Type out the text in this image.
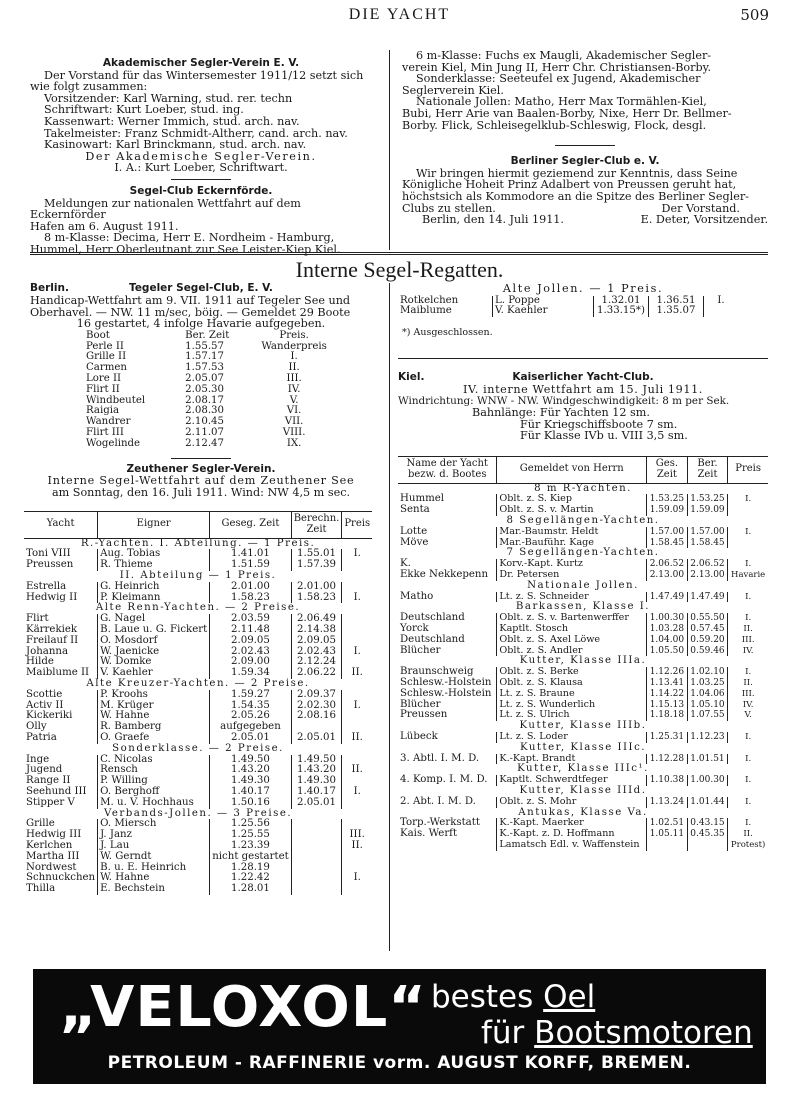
DIE YACHT	509

Akademischer Segler-Verein E. V.

Der Vorstand für das Wintersemester 1911/12 setzt sich

wie folgt zusammen:

Vorsitzender: Karl Warning, stud. rer. techn

Schriftwart: Kurt Loeber, stud. ing.

Kassenwart: Werner Immich, stud. arch. nav.

Takelmeister: Franz Schmidt-Altherr, cand. arch. nav.

Kasinowart: Karl Brinckmann, stud. arch. nav.

Der Akademische Segler-Verein.

I. A.: Kurt Loeber, Schriftwart.

Segel-Club Eckernförde.

Meldungen zur nationalen Wettfahrt auf dem Eckernförder

Hafen am 6. August 1911.

8 m-Klasse: Decima, Herr E. Nordheim - Hamburg,

Hummel, Herr Oberleutnant zur See Leister-Kiep Kiel.

6 m-Klasse: Fuchs ex Maugli, Akademischer Segler-

verein Kiel, Min Jung II, Herr Chr. Christiansen-Borby.

Sonderklasse: Seeteufel ex Jugend, Akademischer

Seglerverein Kiel.

Nationale Jollen: Matho, Herr Max Tormählen-Kiel,

Bubi, Herr Arie van Baalen-Borby, Nixe, Herr Dr. Bellmer-

Borby. Flick, Schleisegelklub-Schleswig, Flock, desgl.

Berliner Segler-Club e. V.

Wir bringen hiermit geziemend zur Kenntnis, dass Seine

Königliche Hoheit Prinz Adalbert von Preussen geruht hat,

höchstsich als Kommodore an die Spitze des Berliner Segler-

Clubs zu stellen.	Der Vorstand.
Berlin, den 14. Juli 1911.	E. Deter, Vorsitzender.
Interne Segel-Regatten.
Berlin.	Tegeler Segel-Club, E. V.

Handicap-Wettfahrt am 9. VII. 1911 auf Tegeler See und

Oberhavel. — NW. 11 m/sec, böig. — Gemeldet 29 Boote

16 gestartet, 4 infolge Havarie aufgegeben.

Boot	Ber. Zeit	Preis.
Perle II	1.55.57	Wanderpreis
Grille II	1.57.17	I.
Carmen	1.57.53	II.
Lore II	2.05.07	III.
Flirt II	2.05.30	IV.
Windbeutel	2.08.17	V.
Raigia	2.08.30	VI.
Wandrer	2.10.45	VII.
Flirt III	2.11.07	VIII.
Wogelinde	2.12.47	IX.

Zeuthener Segler-Verein.

Interne Segel-Wettfahrt auf dem Zeuthener See

am Sonntag, den 16. Juli 1911. Wind: NW 4,5 m sec.

Yacht	Eigner	Geseg. Zeit	Berechn. Zeit	Preis
R.-Yachten. I. Abteilung. — 1 Preis.				
Toni VIII	Aug. Tobias	1.41.01	1.55.01	I.
Preussen	R. Thieme	1.51.59	1.57.39	
II. Abteilung — 1 Preis.				
Estrella	G. Heinrich	2.01.00	2.01.00	
Hedwig II	P. Kleimann	1.58.23	1.58.23	I.
Alte Renn-Yachten. — 2 Preise.				
Flirt	G. Nagel	2.03.59	2.06.49	
Kärrekiek	B. Laue u. G. Fickert	2.11.48	2.14.38	
Freilauf II	O. Mosdorf	2.09.05	2.09.05	
Johanna	W. Jaenicke	2.02.43	2.02.43	I.
Hilde	W. Domke	2.09.00	2.12.24	
Maiblume II	V. Kaehler	1.59.34	2.06.22	II.
Alte Kreuzer-Yachten. — 2 Preise.				
Scottie	P. Kroohs	1.59.27	2.09.37	
Activ II	M. Krüger	1.54.35	2.02.30	I.
Kickeriki	W. Hahne	2.05.26	2.08.16	
Olly	R. Bamberg	aufgegeben		
Patria	O. Graefe	2.05.01	2.05.01	II.
Sonderklasse. — 2 Preise.				
Inge	C. Nicolas	1.49.50	1.49.50	
Jugend	Rensch	1.43.20	1.43.20	II.
Range II	P. Willing	1.49.30	1.49.30	
Seehund III	O. Berghoff	1.40.17	1.40.17	I.
Stipper V	M. u. V. Hochhaus	1.50.16	2.05.01	
Verbands-Jollen. — 3 Preise.				
Grille	O. Miersch	1.25.56		
Hedwig III	J. Janz	1.25.55		III.
Kerlchen	J. Lau	1.23.39		II.
Martha III	W. Gerndt	nicht gestartet		
Nordwest	B. u. E. Heinrich	1.28.19		
Schnuckchen	W. Hahne	1.22.42		I.
Thilla	E. Bechstein	1.28.01		

Alte Jollen. — 1 Preis.

Rotkelchen	L. Poppe	1.32.01	1.36.51	I.
Maiblume	V. Kaehler	1.33.15*)	1.35.07	

*) Ausgeschlossen.

Kiel.	Kaiserlicher Yacht-Club.

IV. interne Wettfahrt am 15. Juli 1911.

Windrichtung: WNW - NW. Windgeschwindigkeit: 8 m per Sek.

Bahnlänge: Für Yachten 12 sm.

Für Kriegschiffsboote 7 sm.

Für Klasse IVb u. VIII 3,5 sm.

Name der Yacht bezw. d. Bootes	Gemeldet von Herrn	Ges. Zeit	Ber. Zeit	Preis
8 m R-Yachten.				
Hummel	Oblt. z. S. Kiep	1.53.25	1.53.25	I.
Senta	Oblt. z. S. v. Martin	1.59.09	1.59.09	
8 Segellängen-Yachten.				
Lotte	Mar.-Baumstr. Heldt	1.57.00	1.57.00	I.
Möve	Mar.-Bauführ. Kage	1.58.45	1.58.45	
7 Segellängen-Yachten.				
K.	Korv.-Kapt. Kurtz	2.06.52	2.06.52	I.
Ekke Nekkepenn	Dr. Petersen	2.13.00	2.13.00	Havarie
Nationale Jollen.				
Matho	Lt. z. S. Schneider	1.47.49	1.47.49	I.
Barkassen, Klasse I.				
Deutschland	Oblt. z. S. v. Bartenwerffer	1.00.30	0.55.50	I.
Yorck	Kaptlt. Stosch	1.03.28	0.57.45	II.
Deutschland	Oblt. z. S. Axel Löwe	1.04.00	0.59.20	III.
Blücher	Oblt. z. S. Andler	1.05.50	0.59.46	IV.
Kutter, Klasse IIIa.				
Braunschweig	Oblt. z. S. Berke	1.12.26	1.02.10	I.
Schlesw.-Holstein	Oblt. z. S. Klausa	1.13.41	1.03.25	II.
Schlesw.-Holstein	Lt. z. S. Braune	1.14.22	1.04.06	III.
Blücher	Lt. z. S. Wunderlich	1.15.13	1.05.10	IV.
Preussen	Lt. z. S. Ulrich	1.18.18	1.07.55	V.
Kutter, Klasse IIIb.				
Lübeck	Lt. z. S. Loder	1.25.31	1.12.23	I.
Kutter, Klasse IIIc.				
3. Abtl. I. M. D.	K.-Kapt. Brandt	1.12.28	1.01.51	I.
Kutter, Klasse IIIc¹.				
4. Komp. I. M. D.	Kaptlt. Schwerdtfeger	1.10.38	1.00.30	I.
Kutter, Klasse IIId.				
2. Abt. I. M. D.	Oblt. z. S. Mohr	1.13.24	1.01.44	I.
Antukas, Klasse Va.				
Torp.-Werkstatt	K.-Kapt. Maerker	1.02.51	0.43.15	I.
Kais. Werft	K.-Kapt. z. D. Hoffmann	1.05.11	0.45.35	II.
	Lamatsch Edl. v. Waffenstein			Protest)
„VELOXOL“ bestes Oel
für Bootsmotoren
PETROLEUM - RAFFINERIE vorm. AUGUST KORFF, BREMEN.
